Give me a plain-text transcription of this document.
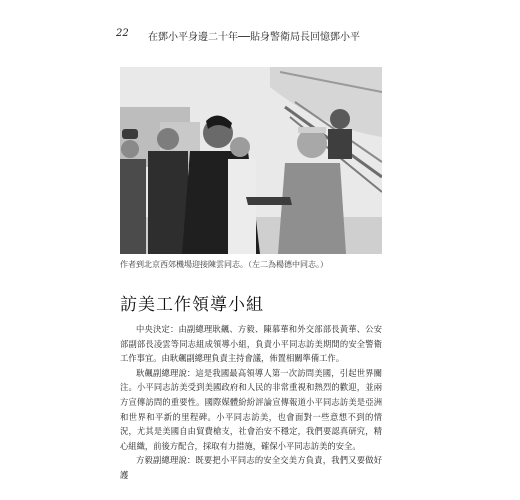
22 在鄧小平身邊二十年──貼身警衛局長回憶鄧小平
作者到北京西郊機場迎接陳雲同志。（左二為楊德中同志。）
訪美工作領導小組

中央決定：由副總理耿飆、方毅、陳慕華和外交部部長黃華、公安部副部長凌雲等同志組成領導小組，負責小平同志訪美期間的安全警衛工作事宜。由耿飆副總理負責主持會議，佈置相關準備工作。

耿飆副總理說：這是我國最高領導人第一次訪問美國，引起世界關注。小平同志訪美受到美國政府和人民的非常重視和熱烈的歡迎，並兩方宣傳訪問的重要性。國際媒體紛紛評論宣傳報道小平同志訪美是亞洲和世界和平新的里程碑。小平同志訪美，也會面對一些意想不到的情況，尤其是美國自由貿費槍支，社會治安不穩定，我們要認真研究，精心組織，前後方配合，採取有力措施，確保小平同志訪美的安全。

方毅副總理說：既要把小平同志的安全交美方負責，我們又要做好護
